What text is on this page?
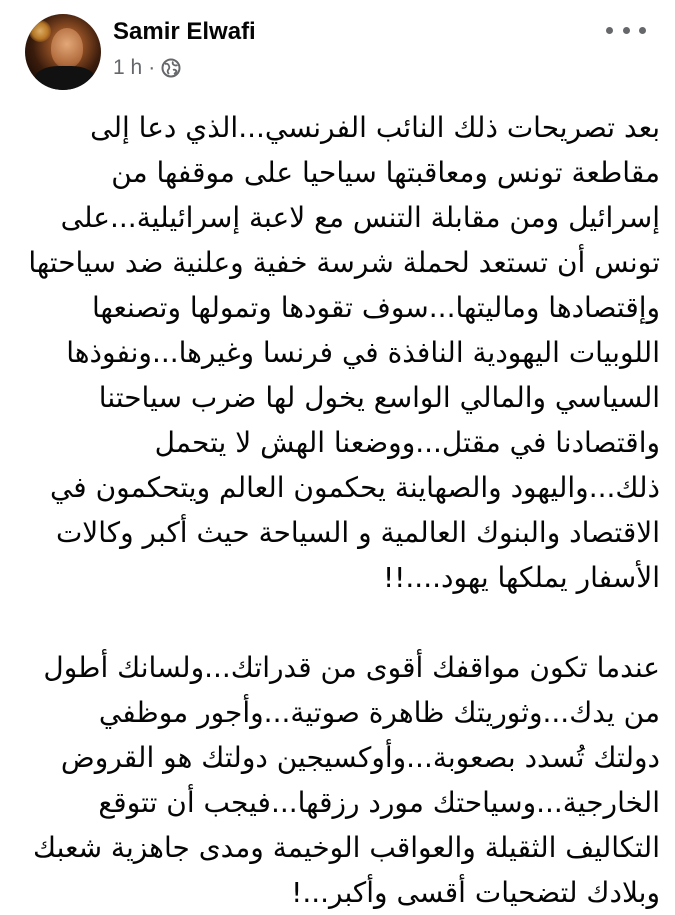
Samir Elwafi
1 h ·

بعد تصريحات ذلك النائب الفرنسي...الذي دعا إلى مقاطعة تونس ومعاقبتها سياحيا على موقفها من إسرائيل ومن مقابلة التنس مع لاعبة إسرائيلية...على تونس أن تستعد لحملة شرسة خفية وعلنية ضد سياحتها وإقتصادها وماليتها...سوف تقودها وتمولها وتصنعها اللوبيات اليهودية النافذة في فرنسا وغيرها...ونفوذها السياسي والمالي الواسع يخول لها ضرب سياحتنا واقتصادنا في مقتل...ووضعنا الهش لا يتحمل ذلك...واليهود والصهاينة يحكمون العالم ويتحكمون في الاقتصاد والبنوك العالمية و السياحة حيث أكبر وكالات الأسفار يملكها يهود....!!

عندما تكون مواقفك أقوى من قدراتك...ولسانك أطول من يدك...وثوريتك ظاهرة صوتية...وأجور موظفي دولتك تُسدد بصعوبة...وأوكسيجين دولتك هو القروض الخارجية...وسياحتك مورد رزقها...فيجب أن تتوقع التكاليف الثقيلة والعواقب الوخيمة ومدى جاهزية شعبك وبلادك لتضحيات أقسى وأكبر...!
